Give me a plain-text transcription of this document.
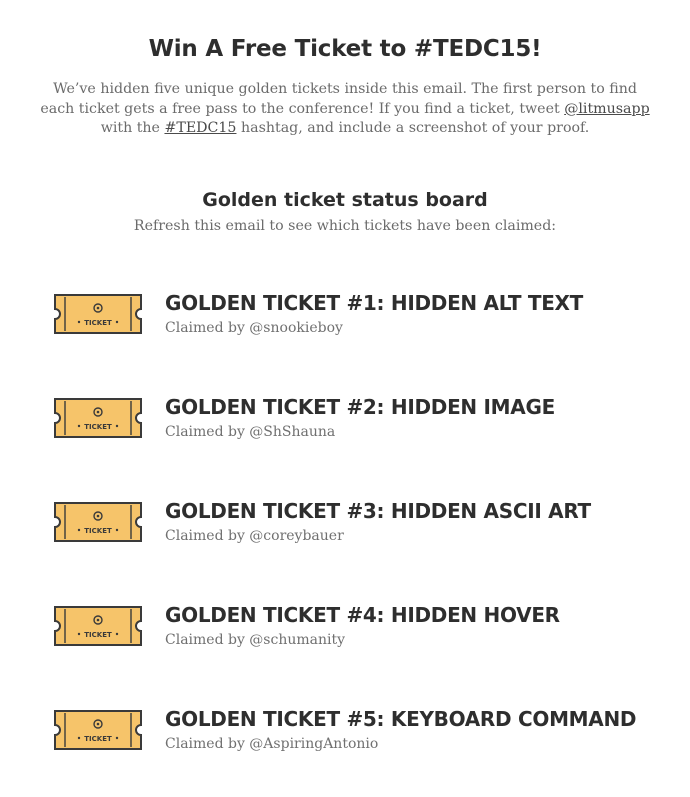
Win A Free Ticket to #TEDC15!

We’ve hidden five unique golden tickets inside this email. The first person to find each ticket gets a free pass to the conference! If you find a ticket, tweet @litmusapp with the #TEDC15 hashtag, and include a screenshot of your proof.

Golden ticket status board

Refresh this email to see which tickets have been claimed:

TICKET
GOLDEN TICKET #1: HIDDEN ALT TEXT

Claimed by @snookieboy

TICKET
GOLDEN TICKET #2: HIDDEN IMAGE

Claimed by @ShShauna

TICKET
GOLDEN TICKET #3: HIDDEN ASCII ART

Claimed by @coreybauer

TICKET
GOLDEN TICKET #4: HIDDEN HOVER

Claimed by @schumanity

TICKET
GOLDEN TICKET #5: KEYBOARD COMMAND

Claimed by @AspiringAntonio
